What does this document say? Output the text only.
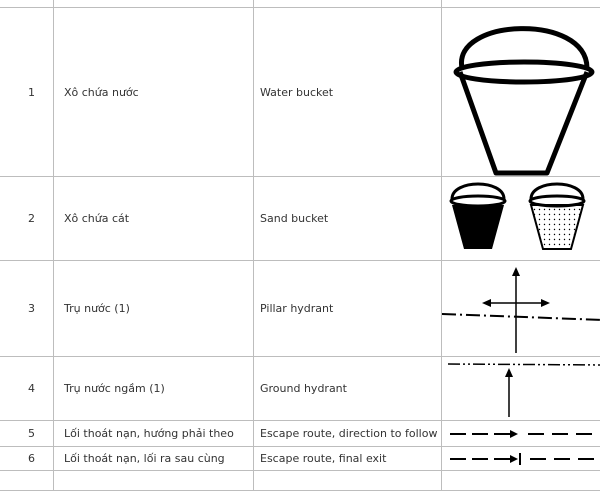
1	Xô chứa nước	Water bucket	

2	Xô chứa cát	Sand bucket	

3	Trụ nước (1)	Pillar hydrant	

4	Trụ nước ngầm (1)	Ground hydrant	

5	Lối thoát nạn, hướng phải theo	Escape route, direction to follow	

6	Lối thoát nạn, lối ra sau cùng	Escape route, final exit	
